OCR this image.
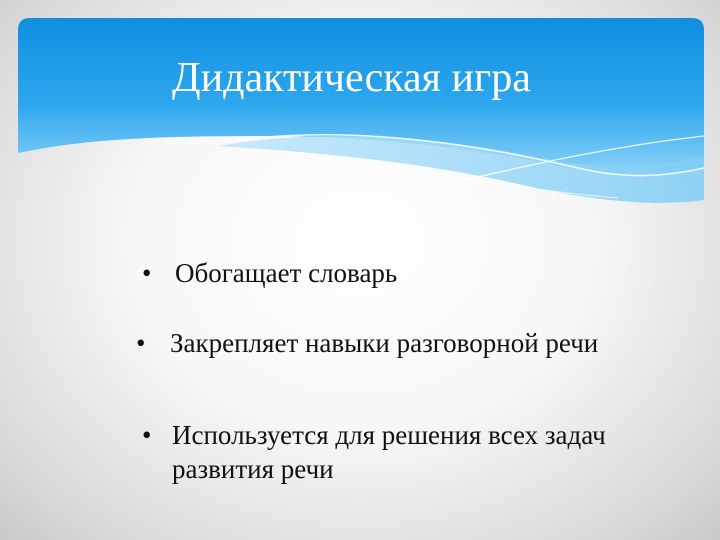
Дидактическая игра
• Обогащает словарь
• Закрепляет навыки разговорной речи
• Используется для решения всех задач
развития речи
